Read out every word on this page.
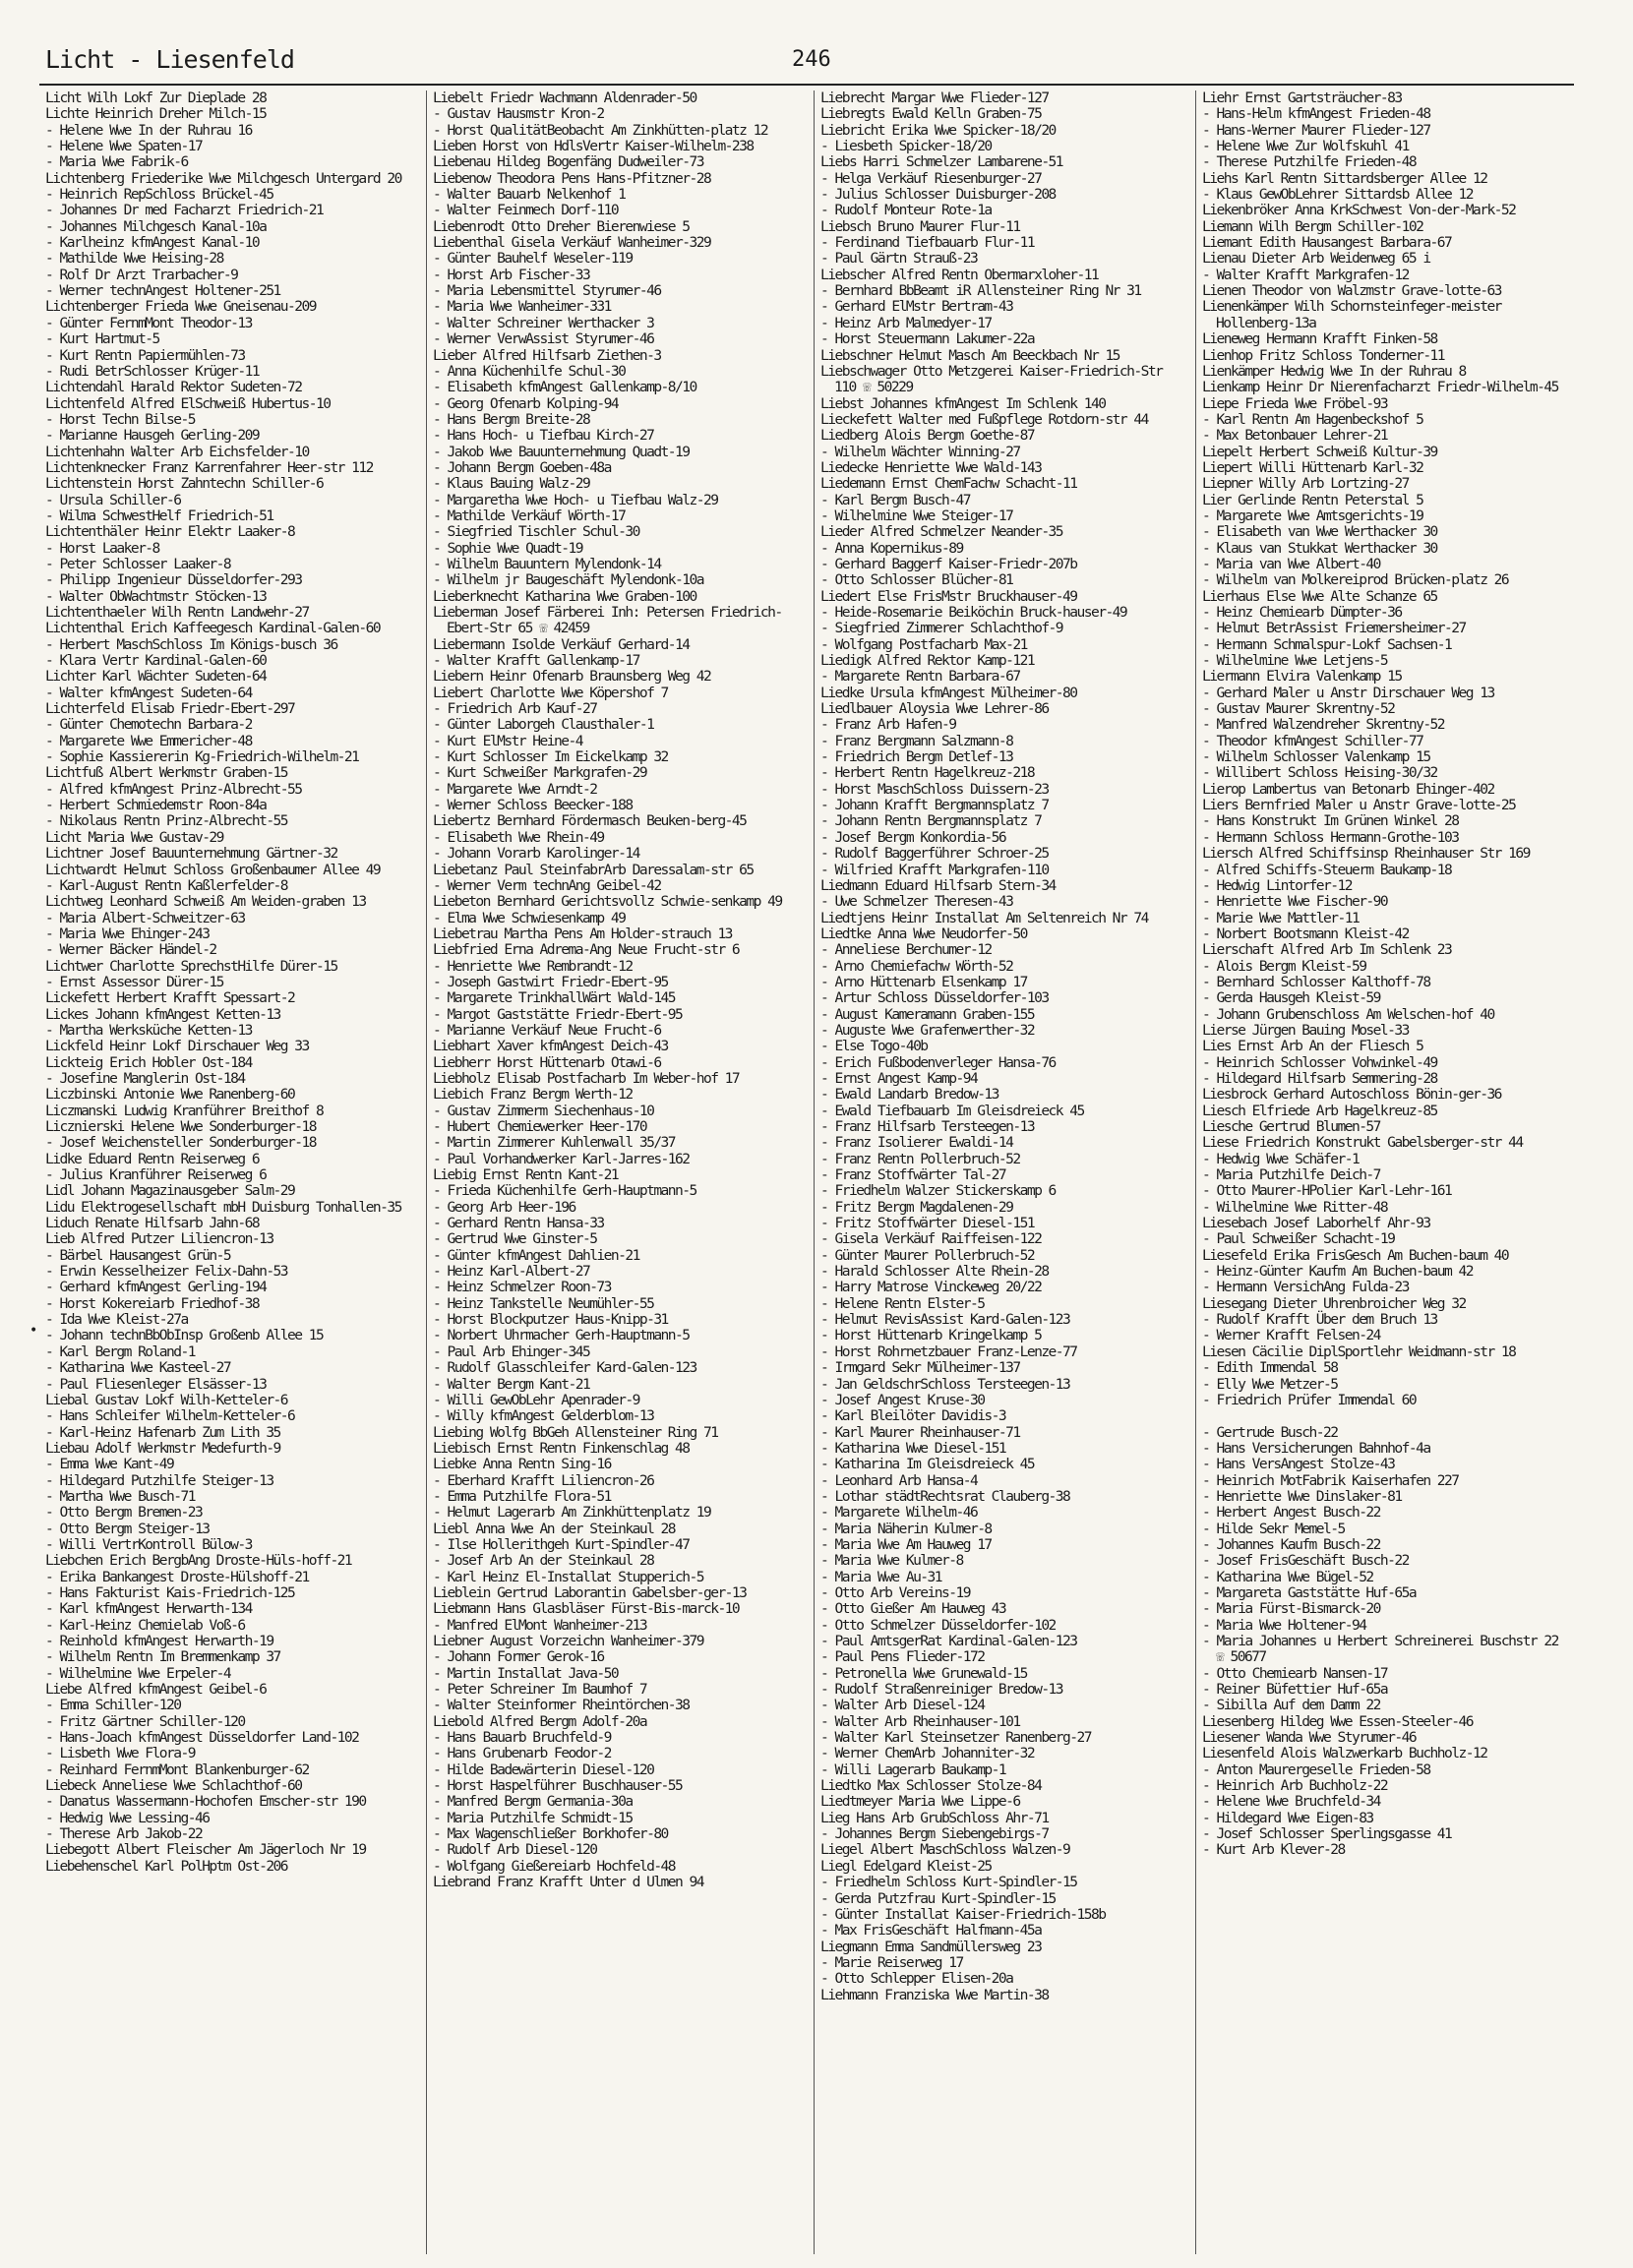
Licht - Liesenfeld	246
Licht Wilh Lokf Zur Dieplade 28
Lichte Heinrich Dreher Milch-15
- Helene Wwe In der Ruhrau 16
- Helene Wwe Spaten-17
- Maria Wwe Fabrik-6
Lichtenberg Friederike Wwe Milchgesch Untergard 20
- Heinrich RepSchloss Brückel-45
- Johannes Dr med Facharzt Friedrich-21
- Johannes Milchgesch Kanal-10a
- Karlheinz kfmAngest Kanal-10
- Mathilde Wwe Heising-28
- Rolf Dr Arzt Trarbacher-9
- Werner technAngest Holtener-251
Lichtenberger Frieda Wwe Gneisenau-209
- Günter FernmMont Theodor-13
- Kurt Hartmut-5
- Kurt Rentn Papiermühlen-73
- Rudi BetrSchlosser Krüger-11
Lichtendahl Harald Rektor Sudeten-72
Lichtenfeld Alfred ElSchweiß Hubertus-10
- Horst Techn Bilse-5
- Marianne Hausgeh Gerling-209
Lichtenhahn Walter Arb Eichsfelder-10
Lichtenknecker Franz Karrenfahrer Heer-str 112
Lichtenstein Horst Zahntechn Schiller-6
- Ursula Schiller-6
- Wilma SchwestHelf Friedrich-51
Lichtenthäler Heinr Elektr Laaker-8
- Horst Laaker-8
- Peter Schlosser Laaker-8
- Philipp Ingenieur Düsseldorfer-293
- Walter ObWachtmstr Stöcken-13
Lichtenthaeler Wilh Rentn Landwehr-27
Lichtenthal Erich Kaffeegesch Kardinal-Galen-60
- Herbert MaschSchloss Im Königs-busch 36
- Klara Vertr Kardinal-Galen-60
Lichter Karl Wächter Sudeten-64
- Walter kfmAngest Sudeten-64
Lichterfeld Elisab Friedr-Ebert-297
- Günter Chemotechn Barbara-2
- Margarete Wwe Emmericher-48
- Sophie Kassiererin Kg-Friedrich-Wilhelm-21
Lichtfuß Albert Werkmstr Graben-15
- Alfred kfmAngest Prinz-Albrecht-55
- Herbert Schmiedemstr Roon-84a
- Nikolaus Rentn Prinz-Albrecht-55
Licht Maria Wwe Gustav-29
Lichtner Josef Bauunternehmung Gärtner-32
Lichtwardt Helmut Schloss Großenbaumer Allee 49
- Karl-August Rentn Kaßlerfelder-8
Lichtweg Leonhard Schweiß Am Weiden-graben 13
- Maria Albert-Schweitzer-63
- Maria Wwe Ehinger-243
- Werner Bäcker Händel-2
Lichtwer Charlotte SprechstHilfe Dürer-15
- Ernst Assessor Dürer-15
Lickefett Herbert Krafft Spessart-2
Lickes Johann kfmAngest Ketten-13
- Martha Werksküche Ketten-13
Lickfeld Heinr Lokf Dirschauer Weg 33
Lickteig Erich Hobler Ost-184
- Josefine Manglerin Ost-184
Liczbinski Antonie Wwe Ranenberg-60
Liczmanski Ludwig Kranführer Breithof 8
Licznierski Helene Wwe Sonderburger-18
- Josef Weichensteller Sonderburger-18
Lidke Eduard Rentn Reiserweg 6
- Julius Kranführer Reiserweg 6
Lidl Johann Magazinausgeber Salm-29
Lidu Elektrogesellschaft mbH Duisburg Tonhallen-35
Liduch Renate Hilfsarb Jahn-68
Lieb Alfred Putzer Liliencron-13
- Bärbel Hausangest Grün-5
- Erwin Kesselheizer Felix-Dahn-53
- Gerhard kfmAngest Gerling-194
- Horst Kokereiarb Friedhof-38
- Ida Wwe Kleist-27a
- Johann technBbObInsp Großenb Allee 15
- Karl Bergm Roland-1
- Katharina Wwe Kasteel-27
- Paul Fliesenleger Elsässer-13
Liebal Gustav Lokf Wilh-Ketteler-6
- Hans Schleifer Wilhelm-Ketteler-6
- Karl-Heinz Hafenarb Zum Lith 35
Liebau Adolf Werkmstr Medefurth-9
- Emma Wwe Kant-49
- Hildegard Putzhilfe Steiger-13
- Martha Wwe Busch-71
- Otto Bergm Bremen-23
- Otto Bergm Steiger-13
- Willi VertrKontroll Bülow-3
Liebchen Erich BergbAng Droste-Hüls-hoff-21
- Erika Bankangest Droste-Hülshoff-21
- Hans Fakturist Kais-Friedrich-125
- Karl kfmAngest Herwarth-134
- Karl-Heinz Chemielab Voß-6
- Reinhold kfmAngest Herwarth-19
- Wilhelm Rentn Im Bremmenkamp 37
- Wilhelmine Wwe Erpeler-4
Liebe Alfred kfmAngest Geibel-6
- Emma Schiller-120
- Fritz Gärtner Schiller-120
- Hans-Joach kfmAngest Düsseldorfer Land-102
- Lisbeth Wwe Flora-9
- Reinhard FernmMont Blankenburger-62
Liebeck Anneliese Wwe Schlachthof-60
- Danatus Wassermann-Hochofen Emscher-str 190
- Hedwig Wwe Lessing-46
- Therese Arb Jakob-22
Liebegott Albert Fleischer Am Jägerloch Nr 19
Liebehenschel Karl PolHptm Ost-206
Liebelt Friedr Wachmann Aldenrader-50
- Gustav Hausmstr Kron-2
- Horst QualitätBeobacht Am Zinkhütten-platz 12
Lieben Horst von HdlsVertr Kaiser-Wilhelm-238
Liebenau Hildeg Bogenfäng Dudweiler-73
Liebenow Theodora Pens Hans-Pfitzner-28
- Walter Bauarb Nelkenhof 1
- Walter Feinmech Dorf-110
Liebenrodt Otto Dreher Bierenwiese 5
Liebenthal Gisela Verkäuf Wanheimer-329
- Günter Bauhelf Weseler-119
- Horst Arb Fischer-33
- Maria Lebensmittel Styrumer-46
- Maria Wwe Wanheimer-331
- Walter Schreiner Werthacker 3
- Werner VerwAssist Styrumer-46
Lieber Alfred Hilfsarb Ziethen-3
- Anna Küchenhilfe Schul-30
- Elisabeth kfmAngest Gallenkamp-8/10
- Georg Ofenarb Kolping-94
- Hans Bergm Breite-28
- Hans Hoch- u Tiefbau Kirch-27
- Jakob Wwe Bauunternehmung Quadt-19
- Johann Bergm Goeben-48a
- Klaus Bauing Walz-29
- Margaretha Wwe Hoch- u Tiefbau Walz-29
- Mathilde Verkäuf Wörth-17
- Siegfried Tischler Schul-30
- Sophie Wwe Quadt-19
- Wilhelm Bauuntern Mylendonk-14
- Wilhelm jr Baugeschäft Mylendonk-10a
Lieberknecht Katharina Wwe Graben-100
Lieberman Josef Färberei Inh: Petersen Friedrich-Ebert-Str 65 ☏ 42459
Liebermann Isolde Verkäuf Gerhard-14
- Walter Krafft Gallenkamp-17
Liebern Heinr Ofenarb Braunsberg Weg 42
Liebert Charlotte Wwe Köpershof 7
- Friedrich Arb Kauf-27
- Günter Laborgeh Clausthaler-1
- Kurt ElMstr Heine-4
- Kurt Schlosser Im Eickelkamp 32
- Kurt Schweißer Markgrafen-29
- Margarete Wwe Arndt-2
- Werner Schloss Beecker-188
Liebertz Bernhard Fördermasch Beuken-berg-45
- Elisabeth Wwe Rhein-49
- Johann Vorarb Karolinger-14
Liebetanz Paul SteinfabrArb Daressalam-str 65
- Werner Verm technAng Geibel-42
Liebeton Bernhard Gerichtsvollz Schwie-senkamp 49
- Elma Wwe Schwiesenkamp 49
Liebetrau Martha Pens Am Holder-strauch 13
Liebfried Erna Adrema-Ang Neue Frucht-str 6
- Henriette Wwe Rembrandt-12
- Joseph Gastwirt Friedr-Ebert-95
- Margarete TrinkhallWärt Wald-145
- Margot Gaststätte Friedr-Ebert-95
- Marianne Verkäuf Neue Frucht-6
Liebhart Xaver kfmAngest Deich-43
Liebherr Horst Hüttenarb Otawi-6
Liebholz Elisab Postfacharb Im Weber-hof 17
Liebich Franz Bergm Werth-12
- Gustav Zimmerm Siechenhaus-10
- Hubert Chemiewerker Heer-170
- Martin Zimmerer Kuhlenwall 35/37
- Paul Vorhandwerker Karl-Jarres-162
Liebig Ernst Rentn Kant-21
- Frieda Küchenhilfe Gerh-Hauptmann-5
- Georg Arb Heer-196
- Gerhard Rentn Hansa-33
- Gertrud Wwe Ginster-5
- Günter kfmAngest Dahlien-21
- Heinz Karl-Albert-27
- Heinz Schmelzer Roon-73
- Heinz Tankstelle Neumühler-55
- Horst Blockputzer Haus-Knipp-31
- Norbert Uhrmacher Gerh-Hauptmann-5
- Paul Arb Ehinger-345
- Rudolf Glasschleifer Kard-Galen-123
- Walter Bergm Kant-21
- Willi GewObLehr Apenrader-9
- Willy kfmAngest Gelderblom-13
Liebing Wolfg BbGeh Allensteiner Ring 71
Liebisch Ernst Rentn Finkenschlag 48
Liebke Anna Rentn Sing-16
- Eberhard Krafft Liliencron-26
- Emma Putzhilfe Flora-51
- Helmut Lagerarb Am Zinkhüttenplatz 19
Liebl Anna Wwe An der Steinkaul 28
- Ilse Hollerithgeh Kurt-Spindler-47
- Josef Arb An der Steinkaul 28
- Karl Heinz El-Installat Stupperich-5
Lieblein Gertrud Laborantin Gabelsber-ger-13
Liebmann Hans Glasbläser Fürst-Bis-marck-10
- Manfred ElMont Wanheimer-213
Liebner August Vorzeichn Wanheimer-379
- Johann Former Gerok-16
- Martin Installat Java-50
- Peter Schreiner Im Baumhof 7
- Walter Steinformer Rheintörchen-38
Liebold Alfred Bergm Adolf-20a
- Hans Bauarb Bruchfeld-9
- Hans Grubenarb Feodor-2
- Hilde Badewärterin Diesel-120
- Horst Haspelführer Buschhauser-55
- Manfred Bergm Germania-30a
- Maria Putzhilfe Schmidt-15
- Max Wagenschließer Borkhofer-80
- Rudolf Arb Diesel-120
- Wolfgang Gießereiarb Hochfeld-48
Liebrand Franz Krafft Unter d Ulmen 94
Liebrecht Margar Wwe Flieder-127
Liebregts Ewald Kelln Graben-75
Liebricht Erika Wwe Spicker-18/20
- Liesbeth Spicker-18/20
Liebs Harri Schmelzer Lambarene-51
- Helga Verkäuf Riesenburger-27
- Julius Schlosser Duisburger-208
- Rudolf Monteur Rote-1a
Liebsch Bruno Maurer Flur-11
- Ferdinand Tiefbauarb Flur-11
- Paul Gärtn Strauß-23
Liebscher Alfred Rentn Obermarxloher-11
- Bernhard BbBeamt iR Allensteiner Ring Nr 31
- Gerhard ElMstr Bertram-43
- Heinz Arb Malmedyer-17
- Horst Steuermann Lakumer-22a
Liebschner Helmut Masch Am Beeckbach Nr 15
Liebschwager Otto Metzgerei Kaiser-Friedrich-Str 110 ☏ 50229
Liebst Johannes kfmAngest Im Schlenk 140
Lieckefett Walter med Fußpflege Rotdorn-str 44
Liedberg Alois Bergm Goethe-87
- Wilhelm Wächter Winning-27
Liedecke Henriette Wwe Wald-143
Liedemann Ernst ChemFachw Schacht-11
- Karl Bergm Busch-47
- Wilhelmine Wwe Steiger-17
Lieder Alfred Schmelzer Neander-35
- Anna Kopernikus-89
- Gerhard Baggerf Kaiser-Friedr-207b
- Otto Schlosser Blücher-81
Liedert Else FrisMstr Bruckhauser-49
- Heide-Rosemarie Beiköchin Bruck-hauser-49
- Siegfried Zimmerer Schlachthof-9
- Wolfgang Postfacharb Max-21
Liedigk Alfred Rektor Kamp-121
- Margarete Rentn Barbara-67
Liedke Ursula kfmAngest Mülheimer-80
Liedlbauer Aloysia Wwe Lehrer-86
- Franz Arb Hafen-9
- Franz Bergmann Salzmann-8
- Friedrich Bergm Detlef-13
- Herbert Rentn Hagelkreuz-218
- Horst MaschSchloss Duissern-23
- Johann Krafft Bergmannsplatz 7
- Johann Rentn Bergmannsplatz 7
- Josef Bergm Konkordia-56
- Rudolf Baggerführer Schroer-25
- Wilfried Krafft Markgrafen-110
Liedmann Eduard Hilfsarb Stern-34
- Uwe Schmelzer Theresen-43
Liedtjens Heinr Installat Am Seltenreich Nr 74
Liedtke Anna Wwe Neudorfer-50
- Anneliese Berchumer-12
- Arno Chemiefachw Wörth-52
- Arno Hüttenarb Elsenkamp 17
- Artur Schloss Düsseldorfer-103
- August Kameramann Graben-155
- Auguste Wwe Grafenwerther-32
- Else Togo-40b
- Erich Fußbodenverleger Hansa-76
- Ernst Angest Kamp-94
- Ewald Landarb Bredow-13
- Ewald Tiefbauarb Im Gleisdreieck 45
- Franz Hilfsarb Tersteegen-13
- Franz Isolierer Ewaldi-14
- Franz Rentn Pollerbruch-52
- Franz Stoffwärter Tal-27
- Friedhelm Walzer Stickerskamp 6
- Fritz Bergm Magdalenen-29
- Fritz Stoffwärter Diesel-151
- Gisela Verkäuf Raiffeisen-122
- Günter Maurer Pollerbruch-52
- Harald Schlosser Alte Rhein-28
- Harry Matrose Vinckeweg 20/22
- Helene Rentn Elster-5
- Helmut RevisAssist Kard-Galen-123
- Horst Hüttenarb Kringelkamp 5
- Horst Rohrnetzbauer Franz-Lenze-77
- Irmgard Sekr Mülheimer-137
- Jan GeldschrSchloss Tersteegen-13
- Josef Angest Kruse-30
- Karl Bleilöter Davidis-3
- Karl Maurer Rheinhauser-71
- Katharina Wwe Diesel-151
- Katharina Im Gleisdreieck 45
- Leonhard Arb Hansa-4
- Lothar städtRechtsrat Clauberg-38
- Margarete Wilhelm-46
- Maria Näherin Kulmer-8
- Maria Wwe Am Hauweg 17
- Maria Wwe Kulmer-8
- Maria Wwe Au-31
- Otto Arb Vereins-19
- Otto Gießer Am Hauweg 43
- Otto Schmelzer Düsseldorfer-102
- Paul AmtsgerRat Kardinal-Galen-123
- Paul Pens Flieder-172
- Petronella Wwe Grunewald-15
- Rudolf Straßenreiniger Bredow-13
- Walter Arb Diesel-124
- Walter Arb Rheinhauser-101
- Walter Karl Steinsetzer Ranenberg-27
- Werner ChemArb Johanniter-32
- Willi Lagerarb Baukamp-1
Liedtko Max Schlosser Stolze-84
Liedtmeyer Maria Wwe Lippe-6
Lieg Hans Arb GrubSchloss Ahr-71
- Johannes Bergm Siebengebirgs-7
Liegel Albert MaschSchloss Walzen-9
Liegl Edelgard Kleist-25
- Friedhelm Schloss Kurt-Spindler-15
- Gerda Putzfrau Kurt-Spindler-15
- Günter Installat Kaiser-Friedrich-158b
- Max FrisGeschäft Halfmann-45a
Liegmann Emma Sandmüllersweg 23
- Marie Reiserweg 17
- Otto Schlepper Elisen-20a
Liehmann Franziska Wwe Martin-38
Liehr Ernst Gartsträucher-83
- Hans-Helm kfmAngest Frieden-48
- Hans-Werner Maurer Flieder-127
- Helene Wwe Zur Wolfskuhl 41
- Therese Putzhilfe Frieden-48
Liehs Karl Rentn Sittardsberger Allee 12
- Klaus GewObLehrer Sittardsb Allee 12
Liekenbröker Anna KrkSchwest Von-der-Mark-52
Liemann Wilh Bergm Schiller-102
Liemant Edith Hausangest Barbara-67
Lienau Dieter Arb Weidenweg 65 i
- Walter Krafft Markgrafen-12
Lienen Theodor von Walzmstr Grave-lotte-63
Lienenkämper Wilh Schornsteinfeger-meister Hollenberg-13a
Lieneweg Hermann Krafft Finken-58
Lienhop Fritz Schloss Tonderner-11
Lienkämper Hedwig Wwe In der Ruhrau 8
Lienkamp Heinr Dr Nierenfacharzt Friedr-Wilhelm-45
Liepe Frieda Wwe Fröbel-93
- Karl Rentn Am Hagenbeckshof 5
- Max Betonbauer Lehrer-21
Liepelt Herbert Schweiß Kultur-39
Liepert Willi Hüttenarb Karl-32
Liepner Willy Arb Lortzing-27
Lier Gerlinde Rentn Peterstal 5
- Margarete Wwe Amtsgerichts-19
- Elisabeth van Wwe Werthacker 30
- Klaus van Stukkat Werthacker 30
- Maria van Wwe Albert-40
- Wilhelm van Molkereiprod Brücken-platz 26
Lierhaus Else Wwe Alte Schanze 65
- Heinz Chemiearb Dümpter-36
- Helmut BetrAssist Friemersheimer-27
- Hermann Schmalspur-Lokf Sachsen-1
- Wilhelmine Wwe Letjens-5
Liermann Elvira Valenkamp 15
- Gerhard Maler u Anstr Dirschauer Weg 13
- Gustav Maurer Skrentny-52
- Manfred Walzendreher Skrentny-52
- Theodor kfmAngest Schiller-77
- Wilhelm Schlosser Valenkamp 15
- Willibert Schloss Heising-30/32
Lierop Lambertus van Betonarb Ehinger-402
Liers Bernfried Maler u Anstr Grave-lotte-25
- Hans Konstrukt Im Grünen Winkel 28
- Hermann Schloss Hermann-Grothe-103
Liersch Alfred Schiffsinsp Rheinhauser Str 169
- Alfred Schiffs-Steuerm Baukamp-18
- Hedwig Lintorfer-12
- Henriette Wwe Fischer-90
- Marie Wwe Mattler-11
- Norbert Bootsmann Kleist-42
Lierschaft Alfred Arb Im Schlenk 23
- Alois Bergm Kleist-59
- Bernhard Schlosser Kalthoff-78
- Gerda Hausgeh Kleist-59
- Johann Grubenschloss Am Welschen-hof 40
Lierse Jürgen Bauing Mosel-33
Lies Ernst Arb An der Fliesch 5
- Heinrich Schlosser Vohwinkel-49
- Hildegard Hilfsarb Semmering-28
Liesbrock Gerhard Autoschloss Bönin-ger-36
Liesch Elfriede Arb Hagelkreuz-85
Liesche Gertrud Blumen-57
Liese Friedrich Konstrukt Gabelsberger-str 44
- Hedwig Wwe Schäfer-1
- Maria Putzhilfe Deich-7
- Otto Maurer-HPolier Karl-Lehr-161
- Wilhelmine Wwe Ritter-48
Liesebach Josef Laborhelf Ahr-93
- Paul Schweißer Schacht-19
Liesefeld Erika FrisGesch Am Buchen-baum 40
- Heinz-Günter Kaufm Am Buchen-baum 42
- Hermann VersichAng Fulda-23
Liesegang Dieter Uhrenbroicher Weg 32
- Rudolf Krafft Über dem Bruch 13
- Werner Krafft Felsen-24
Liesen Cäcilie DiplSportlehr Weidmann-str 18
- Edith Immendal 58
- Elly Wwe Metzer-5
- Friedrich Prüfer Immendal 60

- Gertrude Busch-22
- Hans Versicherungen Bahnhof-4a
- Hans VersAngest Stolze-43
- Heinrich MotFabrik Kaiserhafen 227
- Henriette Wwe Dinslaker-81
- Herbert Angest Busch-22
- Hilde Sekr Memel-5
- Johannes Kaufm Busch-22
- Josef FrisGeschäft Busch-22
- Katharina Wwe Bügel-52
- Margareta Gaststätte Huf-65a
- Maria Fürst-Bismarck-20
- Maria Wwe Holtener-94
- Maria Johannes u Herbert Schreinerei Buschstr 22 ☏ 50677
- Otto Chemiearb Nansen-17
- Reiner Büfettier Huf-65a
- Sibilla Auf dem Damm 22
Liesenberg Hildeg Wwe Essen-Steeler-46
Liesener Wanda Wwe Styrumer-46
Liesenfeld Alois Walzwerkarb Buchholz-12
- Anton Maurergeselle Frieden-58
- Heinrich Arb Buchholz-22
- Helene Wwe Bruchfeld-34
- Hildegard Wwe Eigen-83
- Josef Schlosser Sperlingsgasse 41
- Kurt Arb Klever-28
•
